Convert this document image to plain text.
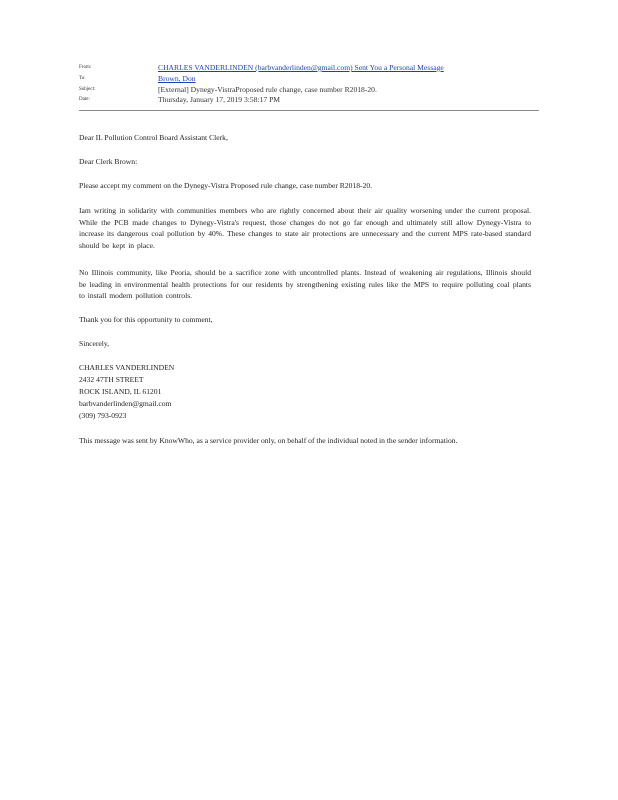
From:	CHARLES VANDERLINDEN (barbvanderlinden@gmail.com) Sent You a Personal Message
To:	Brown, Don
Subject:	[External] Dynegy-VistraProposed rule change, case number R2018-20.
Date:	Thursday, January 17, 2019 3:58:17 PM
Dear IL Pollution Control Board Assistant Clerk,
Dear Clerk Brown:
Please accept my comment on the Dynegy-Vistra Proposed rule change, case number R2018-20.
Iam writing in solidarity with communities members who are rightly concerned about their air quality worsening under the current proposal. While the PCB made changes to Dynegy-Vistra's request, those changes do not go far enough and ultimately still allow Dynegy-Vistra to increase its dangerous coal pollution by 40%. These changes to state air protections are unnecessary and the current MPS rate-based standard should be kept in place.
No Illinois community, like Peoria, should be a sacrifice zone with uncontrolled plants. Instead of weakening air regulations, Illinois should be leading in environmental health protections for our residents by strengthening existing rules like the MPS to require polluting coal plants to install modern pollution controls.
Thank you for this opportunity to comment,
Sincerely,
CHARLES VANDERLINDEN
2432 47TH STREET
ROCK ISLAND, IL 61201
barbvanderlinden@gmail.com
(309) 793-0923
This message was sent by KnowWho, as a service provider only, on behalf of the individual noted in the sender information.
